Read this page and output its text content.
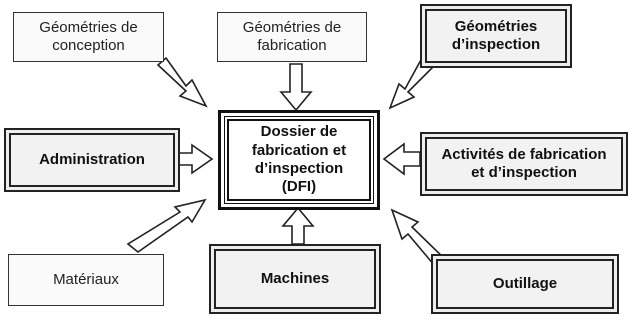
Géométries de
conception
Géométries de
fabrication
Géométries
d’inspection
Administration
Dossier de
fabrication et
d’inspection
(DFI)
Activités de fabrication
et d’inspection
Matériaux	Machines	Outillage
